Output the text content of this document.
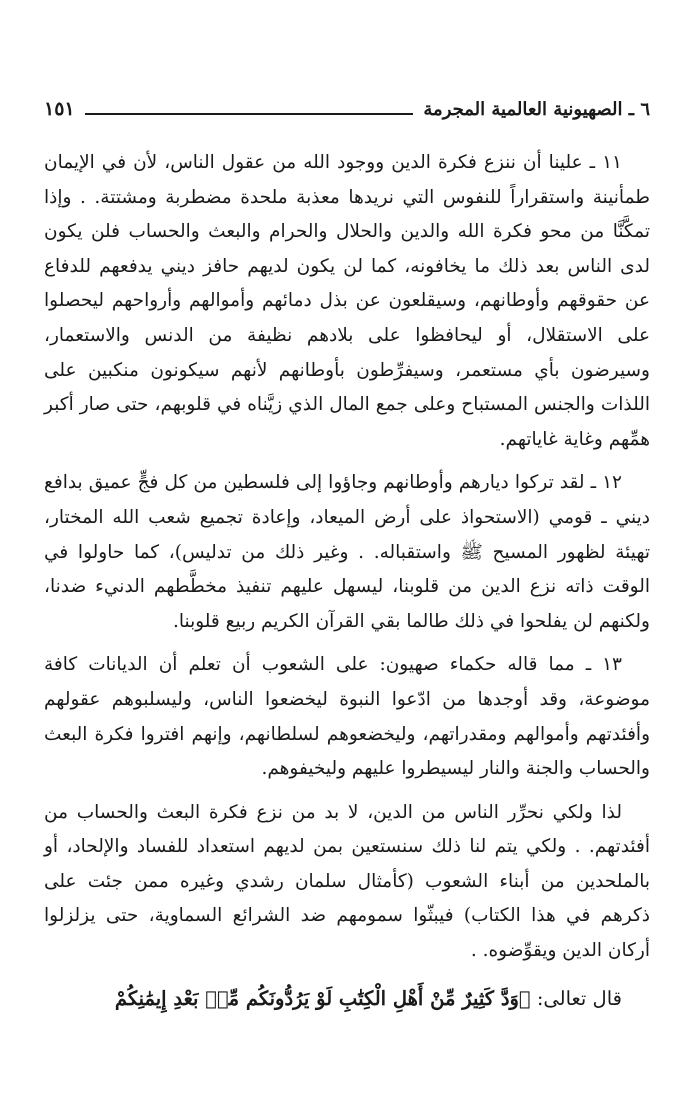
٦ ـ الصهيونية العالمية المجرمة
١٥١

١١ ـ علينا أن ننزع فكرة الدين ووجود الله من عقول الناس، لأن في الإيمان طمأنينة واستقراراً للنفوس التي نريدها معذبة ملحدة مضطربة ومشتتة. . وإذا تمكَّنَّا من محو فكرة الله والدين والحلال والحرام والبعث والحساب فلن يكون لدى الناس بعد ذلك ما يخافونه، كما لن يكون لديهم حافز ديني يدفعهم للدفاع عن حقوقهم وأوطانهم، وسيقلعون عن بذل دمائهم وأموالهم وأرواحهم ليحصلوا على الاستقلال، أو ليحافظوا على بلادهم نظيفة من الدنس والاستعمار، وسيرضون بأي مستعمر، وسيفرِّطون بأوطانهم لأنهم سيكونون منكبين على اللذات والجنس المستباح وعلى جمع المال الذي زيَّناه في قلوبهم، حتى صار أكبر همِّهم وغاية غاياتهم.

١٢ ـ لقد تركوا ديارهم وأوطانهم وجاؤوا إلى فلسطين من كل فجٍّ عميق بدافع ديني ـ قومي (الاستحواذ على أرض الميعاد، وإعادة تجميع شعب الله المختار، تهيئة لظهور المسيح ﷺ واستقباله. . وغير ذلك من تدليس)، كما حاولوا في الوقت ذاته نزع الدين من قلوبنا، ليسهل عليهم تنفيذ مخطَّطهم الدنيء ضدنا، ولكنهم لن يفلحوا في ذلك طالما بقي القرآن الكريم ربيع قلوبنا.

١٣ ـ مما قاله حكماء صهيون: على الشعوب أن تعلم أن الديانات كافة موضوعة، وقد أوجدها من ادّعوا النبوة ليخضعوا الناس، وليسلبوهم عقولهم وأفئدتهم وأموالهم ومقدراتهم، وليخضعوهم لسلطانهم، وإنهم افتروا فكرة البعث والحساب والجنة والنار ليسيطروا عليهم وليخيفوهم.

لذا ولكي نحرِّر الناس من الدين، لا بد من نزع فكرة البعث والحساب من أفئدتهم. . ولكي يتم لنا ذلك سنستعين بمن لديهم استعداد للفساد والإلحاد، أو بالملحدين من أبناء الشعوب (كأمثال سلمان رشدي وغيره ممن جئت على ذكرهم في هذا الكتاب) فيبثّوا سمومهم ضد الشرائع السماوية، حتى يزلزلوا أركان الدين ويقوِّضوه. .

قال تعالى: ﴿وَدَّ كَثِيرٌ مِّنْ أَهْلِ الْكِتَٰبِ لَوْ يَرُدُّونَكُم مِّنۢ بَعْدِ إِيمَٰنِكُمْ
